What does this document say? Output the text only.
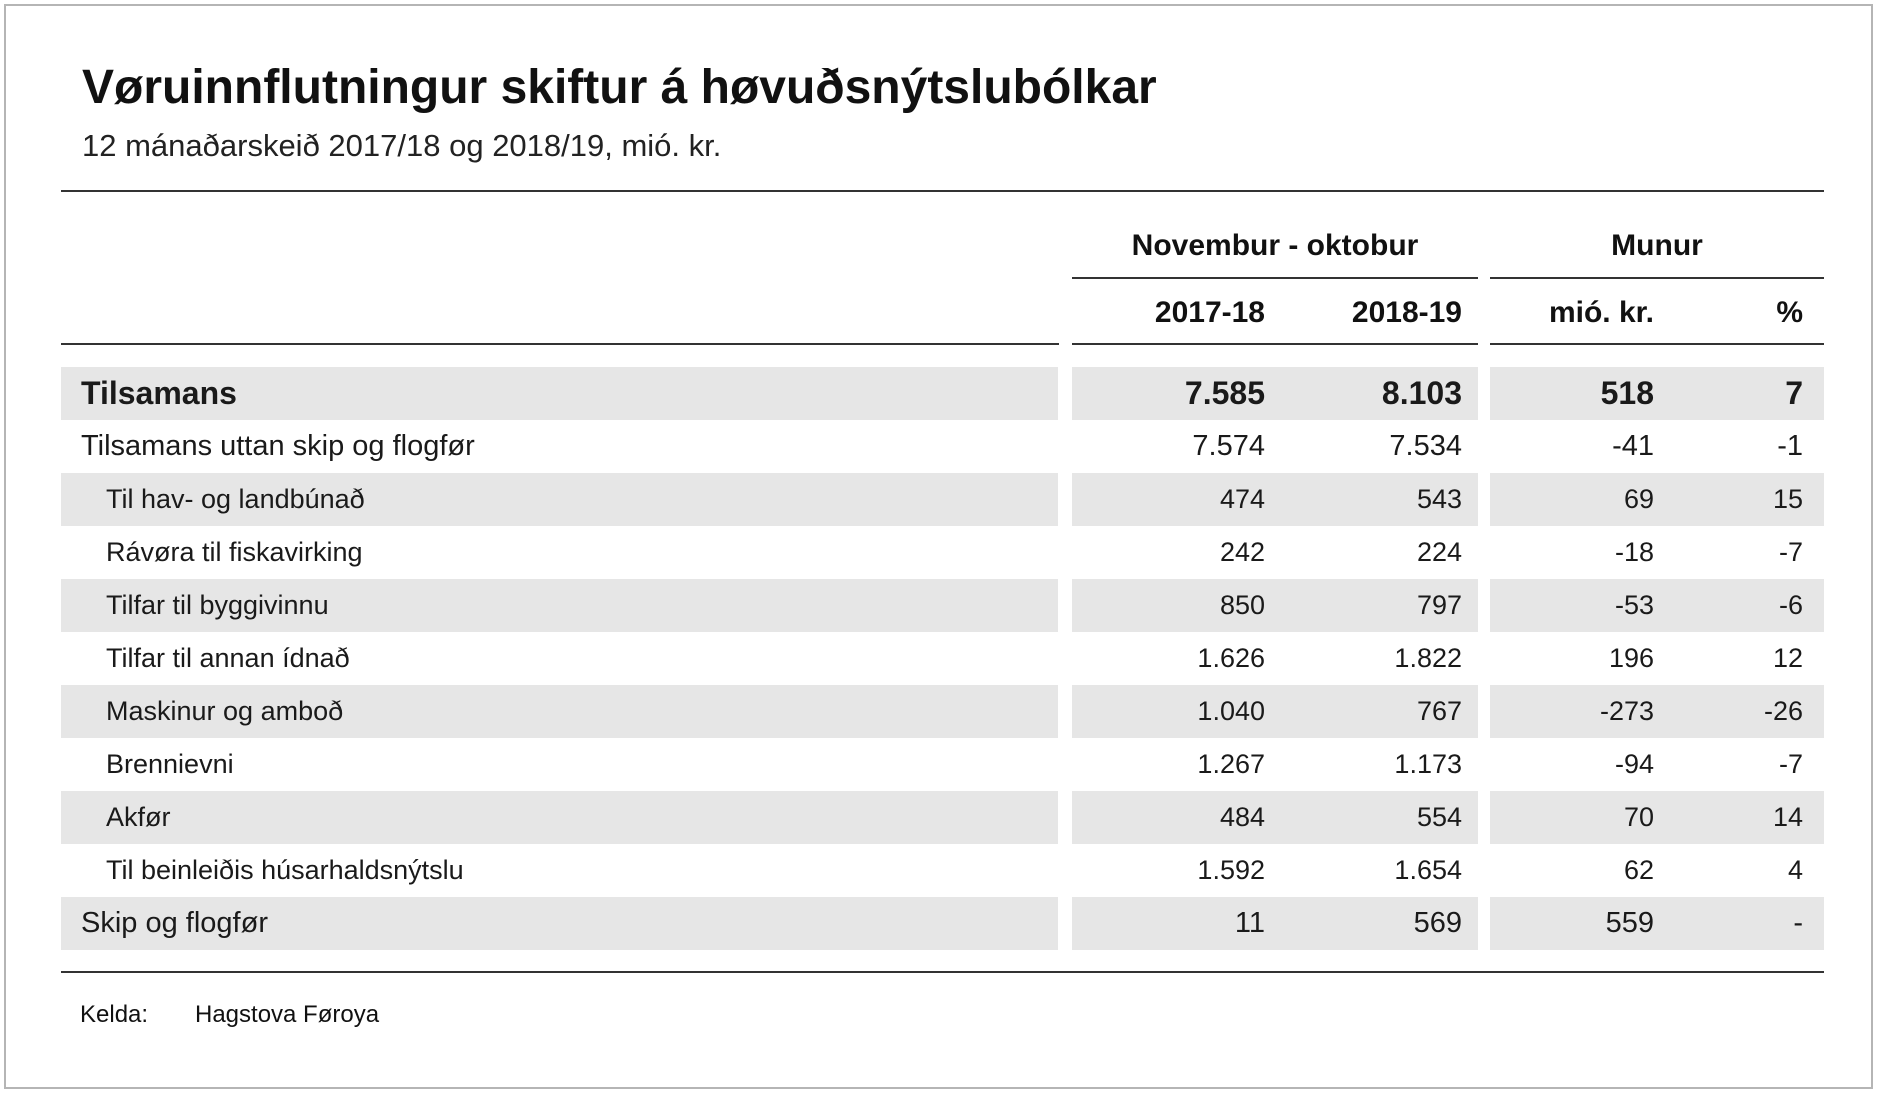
Vøruinnflutningur skiftur á høvuðsnýtslubólkar
12 mánaðarskeið 2017/18 og 2018/19, mió. kr.
Novembur - oktobur	Munur
2017-18	2018-19	mió. kr.	%
Tilsamans	7.585	8.103	518	7
Tilsamans uttan skip og flogfør	7.574	7.534	-41	-1
Til hav- og landbúnað	474	543	69	15
Rávøra til fiskavirking	242	224	-18	-7
Tilfar til byggivinnu	850	797	-53	-6
Tilfar til annan ídnað	1.626	1.822	196	12
Maskinur og amboð	1.040	767	-273	-26
Brennievni	1.267	1.173	-94	-7
Akfør	484	554	70	14
Til beinleiðis húsarhaldsnýtslu	1.592	1.654	62	4
Skip og flogfør	11	569	559	-
Kelda: Hagstova Føroya
